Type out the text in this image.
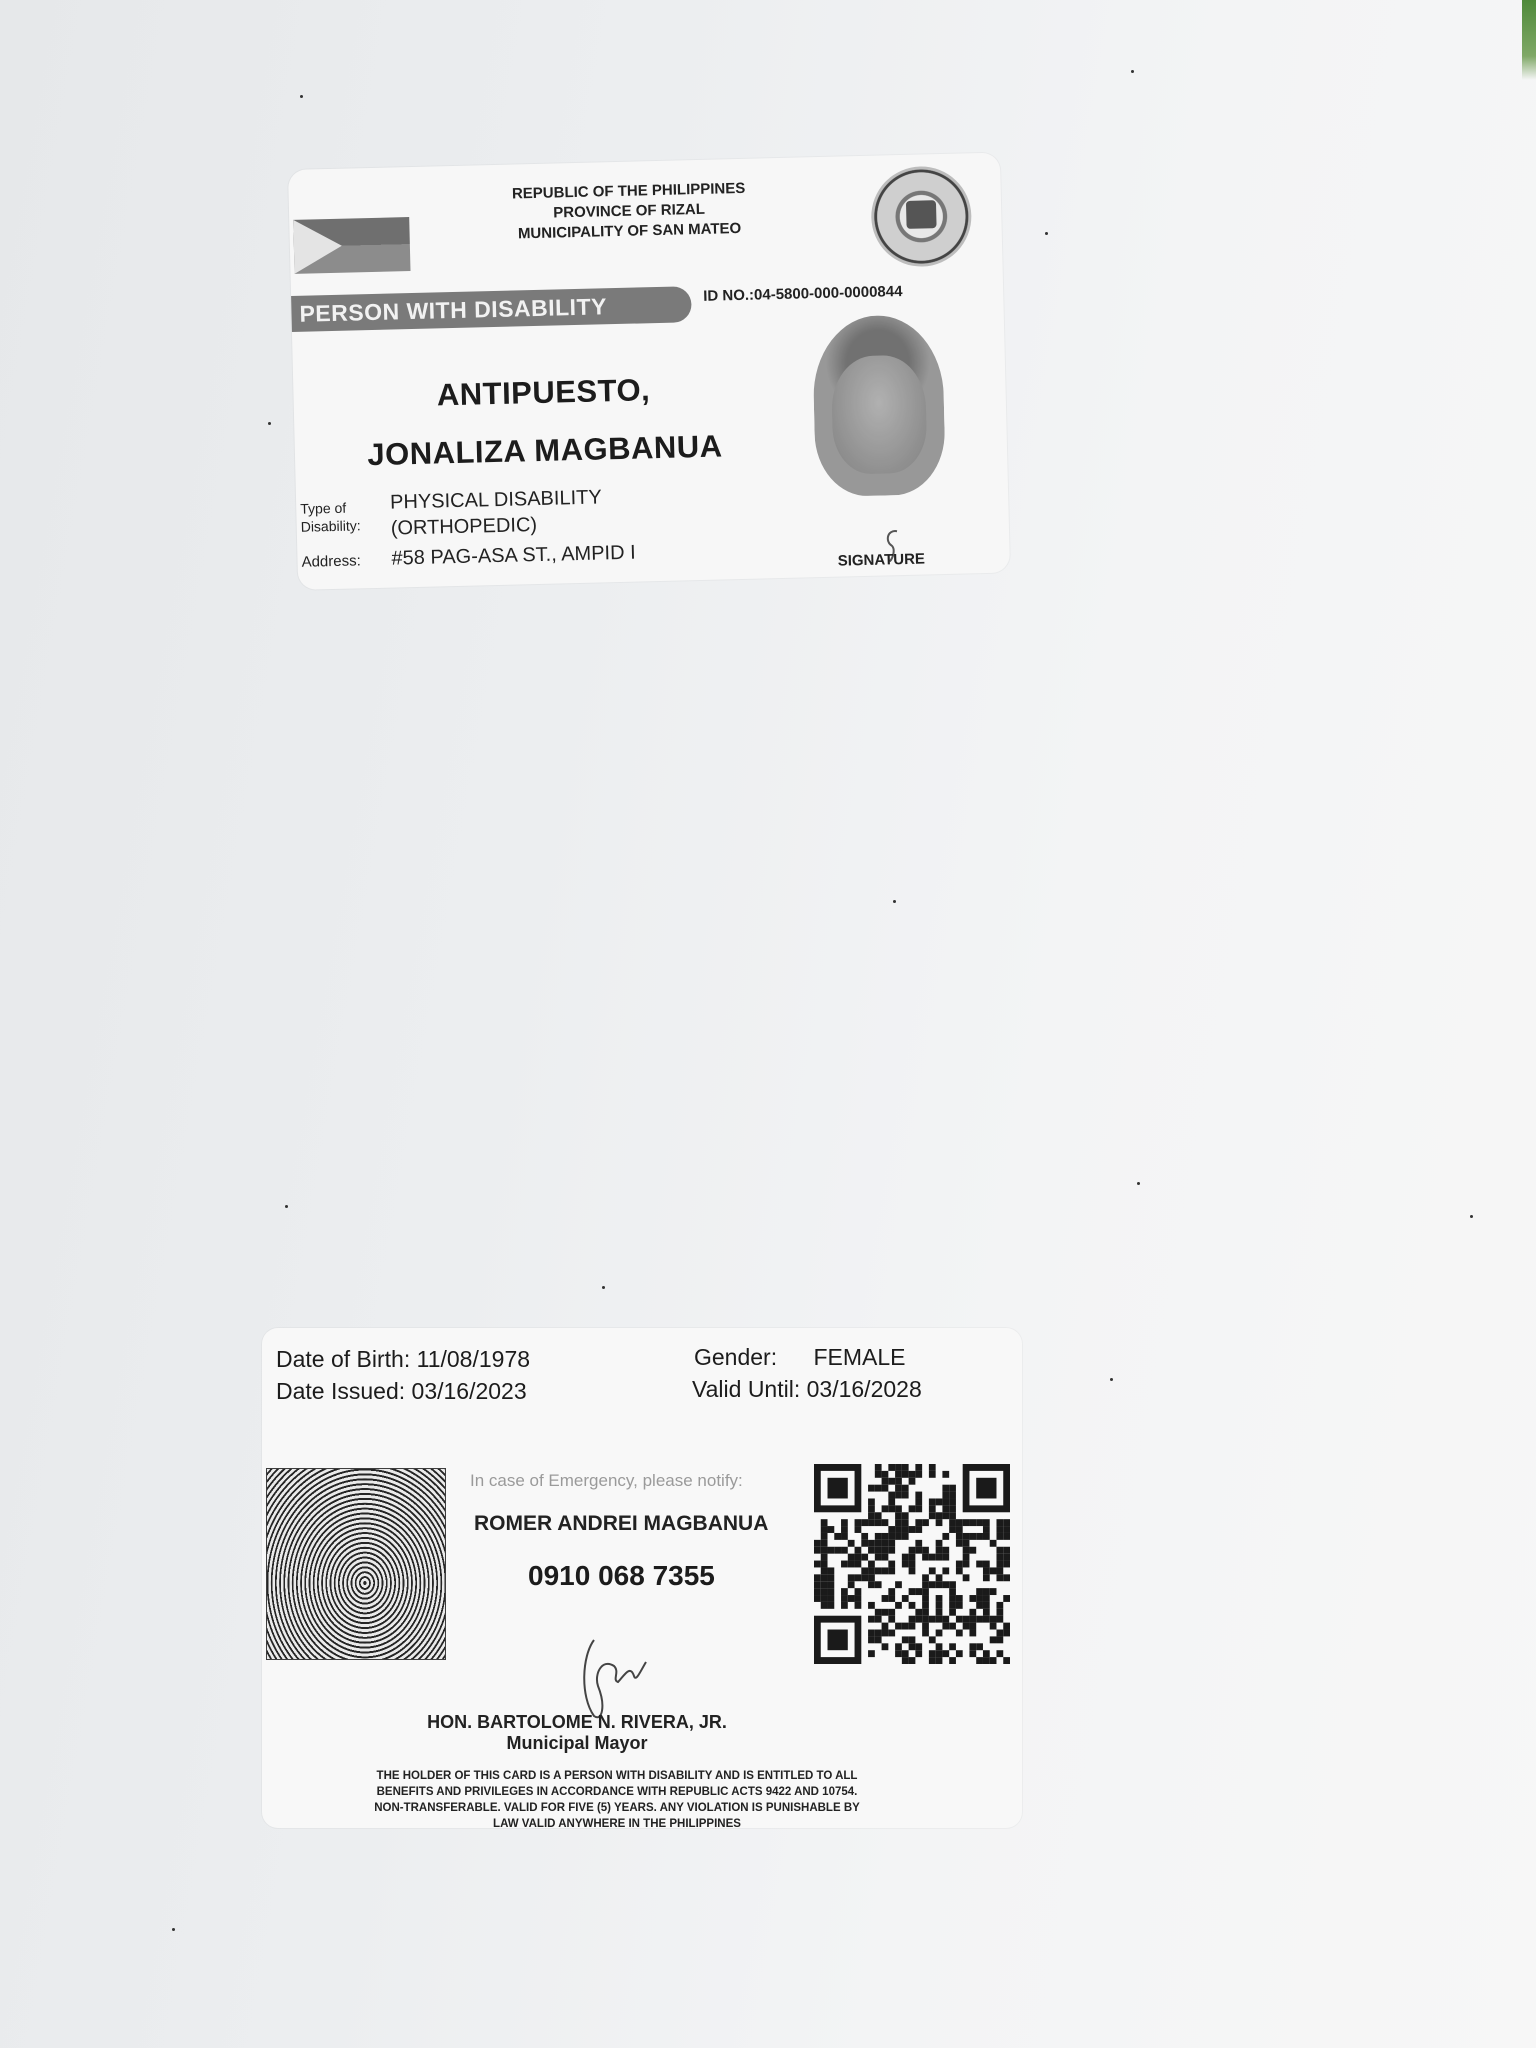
REPUBLIC OF THE PHILIPPINES
PROVINCE OF RIZAL
MUNICIPALITY OF SAN MATEO
PERSON WITH DISABILITY	ID NO.:04-5800-000-0000844
ANTIPUESTO,
JONALIZA MAGBANUA
Type of
Disability:
PHYSICAL DISABILITY
(ORTHOPEDIC)
Address: #58 PAG-ASA ST., AMPID I	SIGNATURE
Date of Birth: 11/08/1978
Date Issued: 03/16/2023
Gender: FEMALE
Valid Until: 03/16/2028
In case of Emergency, please notify:
ROMER ANDREI MAGBANUA
0910 068 7355
HON. BARTOLOME N. RIVERA, JR.
Municipal Mayor
THE HOLDER OF THIS CARD IS A PERSON WITH DISABILITY AND IS ENTITLED TO ALL
BENEFITS AND PRIVILEGES IN ACCORDANCE WITH REPUBLIC ACTS 9422 AND 10754.
NON-TRANSFERABLE. VALID FOR FIVE (5) YEARS. ANY VIOLATION IS PUNISHABLE BY
LAW VALID ANYWHERE IN THE PHILIPPINES
